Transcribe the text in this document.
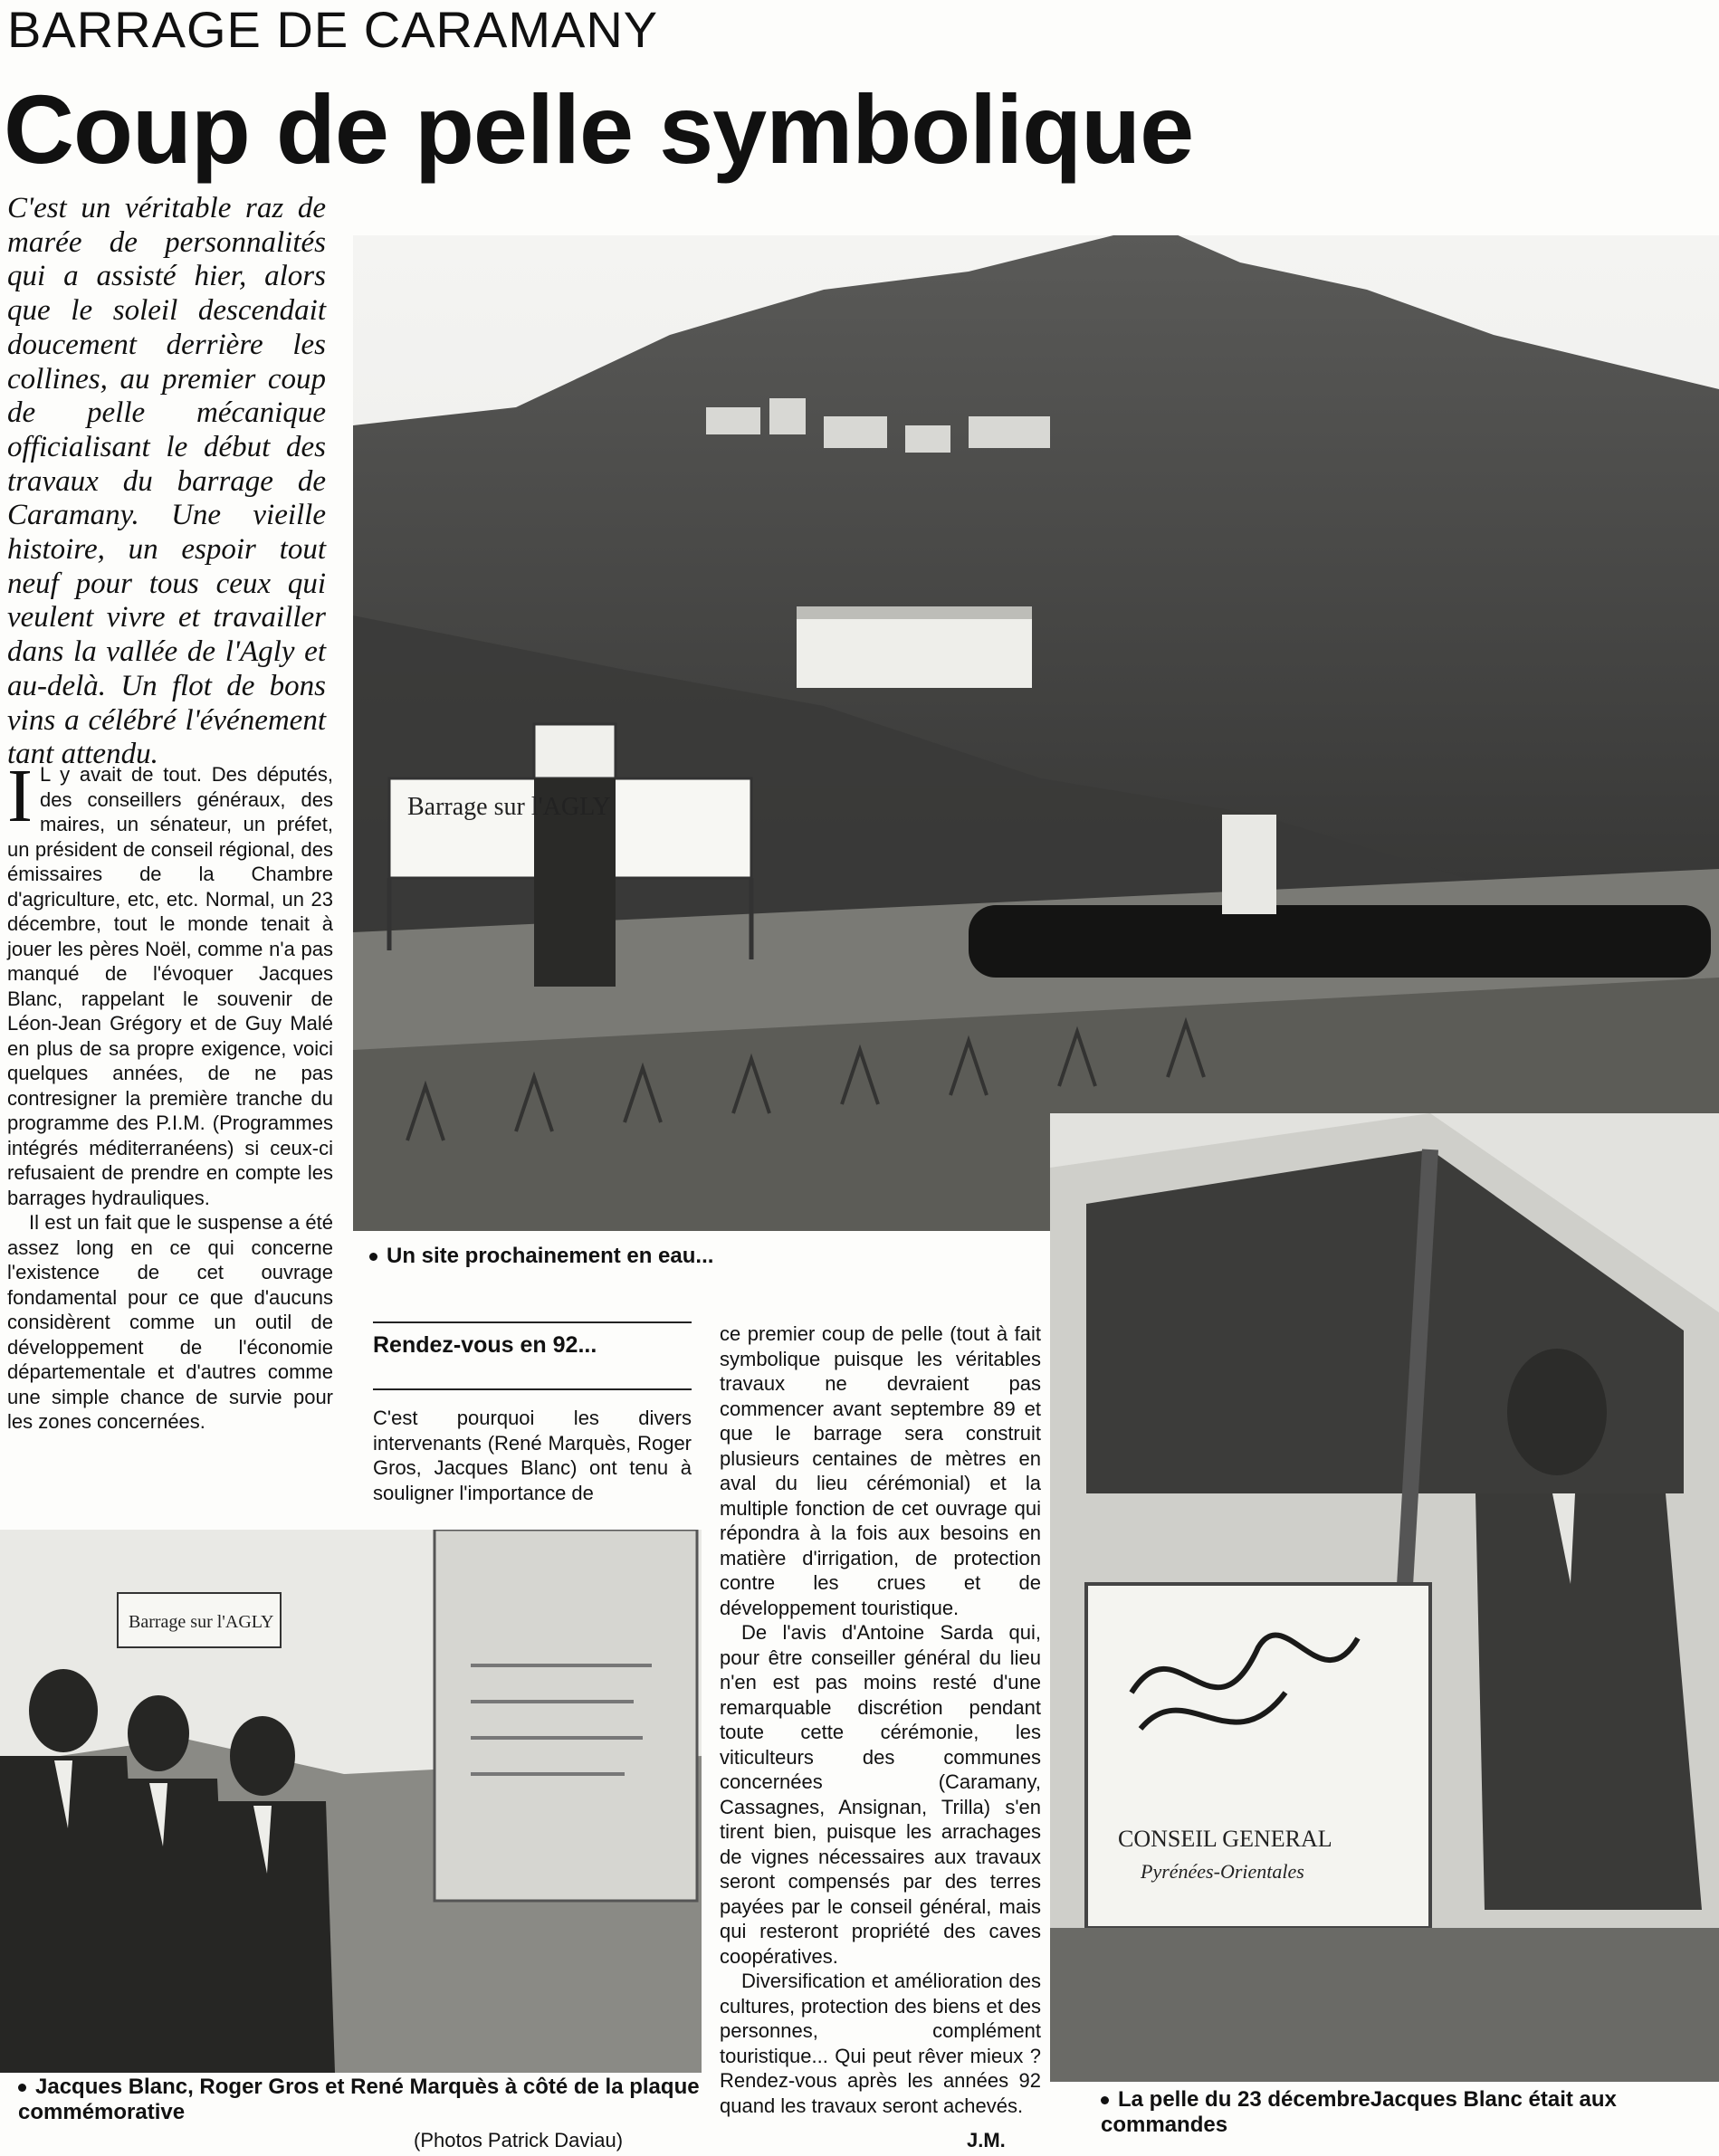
BARRAGE DE CARAMANY
Coup de pelle symbolique
C'est un véritable raz de marée de personnalités qui a assisté hier, alors que le soleil descendait doucement derrière les collines, au premier coup de pelle mécanique officialisant le début des travaux du barrage de Caramany. Une vieille histoire, un espoir tout neuf pour tous ceux qui veulent vivre et travailler dans la vallée de l'Agly et au-delà. Un flot de bons vins a célébré l'événement tant attendu.
Barrage sur l'AGLY
Un site prochainement en eau...

I L y avait de tout. Des députés, des conseillers généraux, des maires, un sénateur, un préfet, un président de conseil régional, des émissaires de la Chambre d'agriculture, etc, etc. Normal, un 23 décembre, tout le monde tenait à jouer les pères Noël, comme n'a pas manqué de l'évoquer Jacques Blanc, rappelant le souvenir de Léon-Jean Grégory et de Guy Malé en plus de sa propre exigence, voici quelques années, de ne pas contresigner la première tranche du programme des P.I.M. (Programmes intégrés méditerranéens) si ceux-ci refusaient de prendre en compte les barrages hydrauliques.

Il est un fait que le suspense a été assez long en ce qui concerne l'existence de cet ouvrage fondamental pour ce que d'aucuns considèrent comme un outil de développement de l'économie départementale et d'autres comme une simple chance de survie pour les zones concernées.

Rendez-vous en 92...

C'est pourquoi les divers intervenants (René Marquès, Roger Gros, Jacques Blanc) ont tenu à souligner l'importance de

ce premier coup de pelle (tout à fait symbolique puisque les véritables travaux ne devraient pas commencer avant septembre 89 et que le barrage sera construit plusieurs centaines de mètres en aval du lieu cérémonial) et la multiple fonction de cet ouvrage qui répondra à la fois aux besoins en matière d'irrigation, de protection contre les crues et de développement touristique.

De l'avis d'Antoine Sarda qui, pour être conseiller général du lieu n'en est pas moins resté d'une remarquable discrétion pendant toute cette cérémonie, les viticulteurs des communes concernées (Caramany, Cassagnes, Ansignan, Trilla) s'en tirent bien, puisque les arrachages de vignes nécessaires aux travaux seront compensés par des terres payées par le conseil général, mais qui resteront propriété des caves coopératives.

Diversification et amélioration des cultures, protection des biens et des personnes, complément touristique... Qui peut rêver mieux ? Rendez-vous après les années 92 quand les travaux seront achevés.

Barrage sur l'AGLY
Jacques Blanc, Roger Gros et René Marquès à côté de la plaque commémorative
(Photos Patrick Daviau)	J.M.
CONSEIL GENERAL
Pyrénées-Orientales
La pelle du 23 décembreJacques Blanc était aux commandes
